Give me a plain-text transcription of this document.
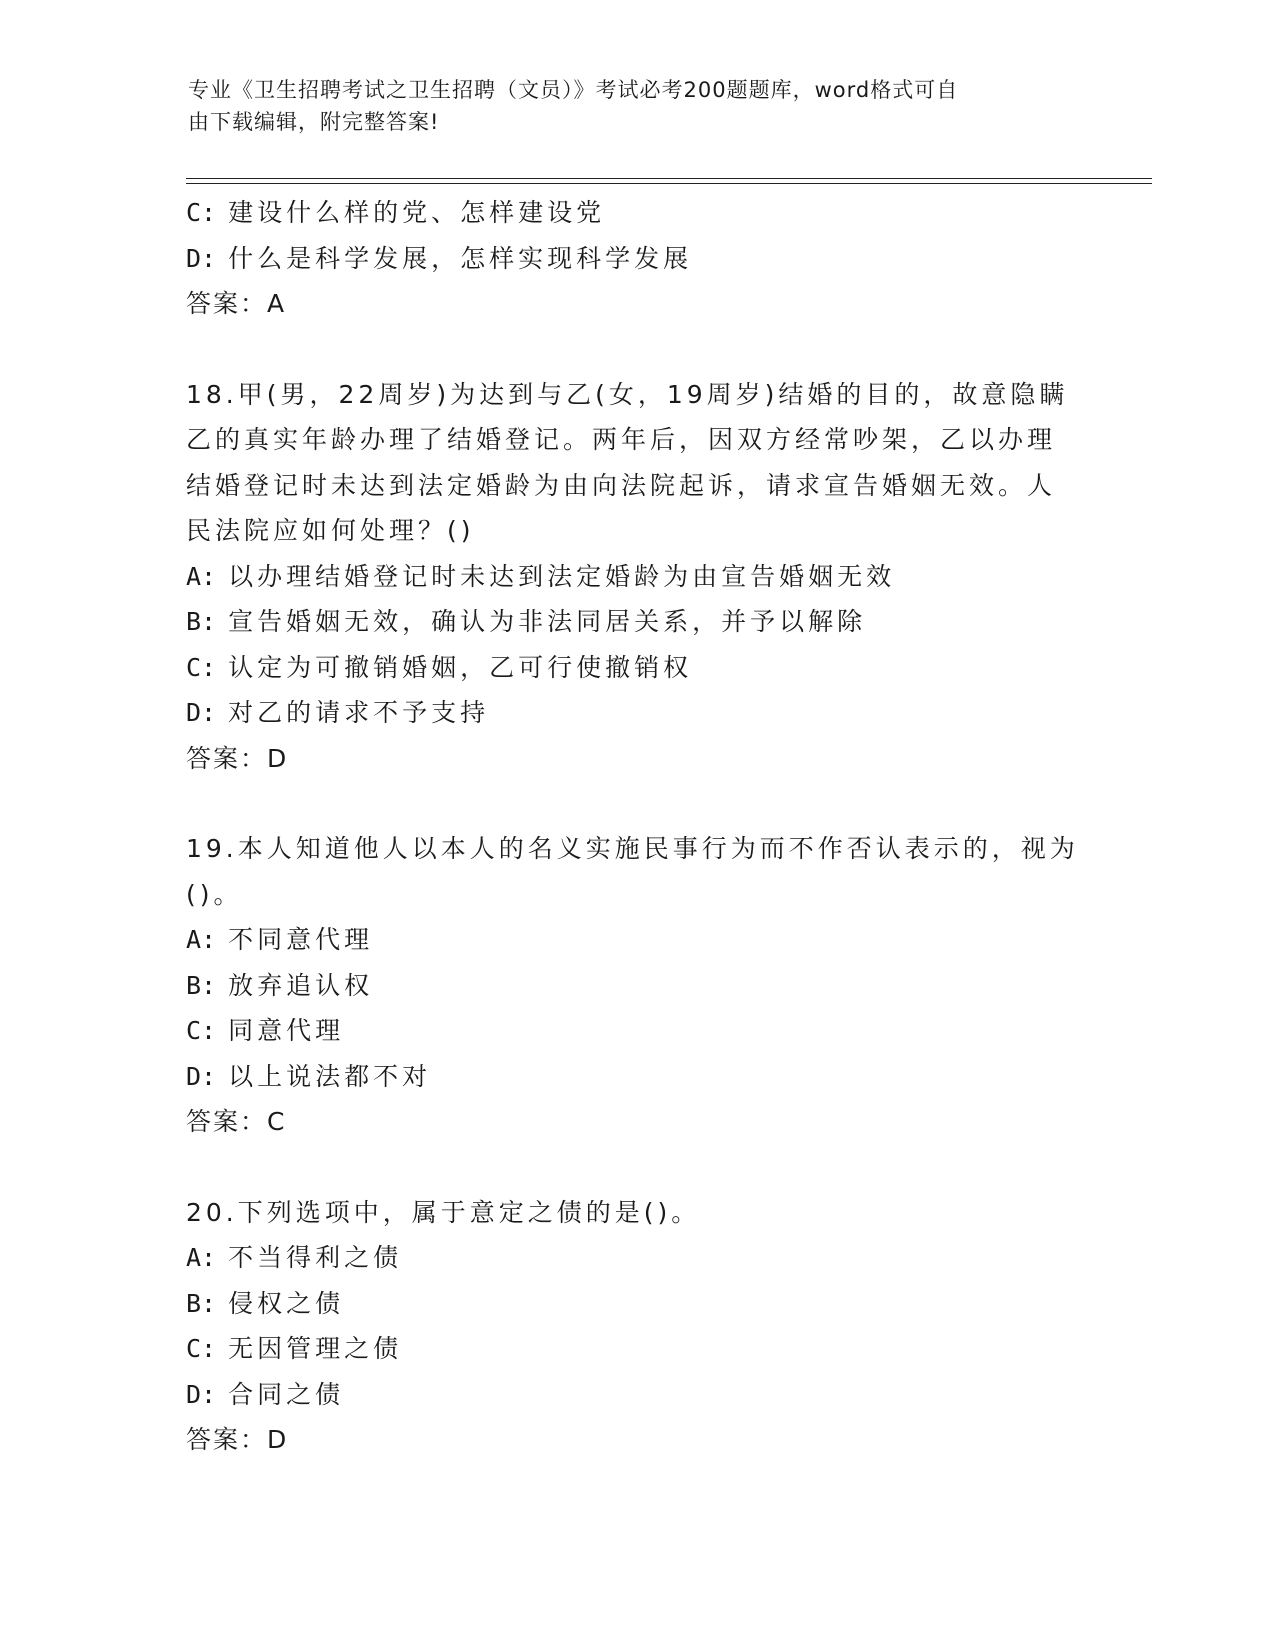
专业《卫生招聘考试之卫生招聘（文员）》考试必考200题题库，word格式可自
由下载编辑，附完整答案!
C: 建设什么样的党、怎样建设党
D: 什么是科学发展，怎样实现科学发展
答案：A
18.甲(男，22周岁)为达到与乙(女，19周岁)结婚的目的，故意隐瞒
乙的真实年龄办理了结婚登记。两年后，因双方经常吵架，乙以办理
结婚登记时未达到法定婚龄为由向法院起诉，请求宣告婚姻无效。人
民法院应如何处理？()
A: 以办理结婚登记时未达到法定婚龄为由宣告婚姻无效
B: 宣告婚姻无效，确认为非法同居关系，并予以解除
C: 认定为可撤销婚姻，乙可行使撤销权
D: 对乙的请求不予支持
答案：D
19.本人知道他人以本人的名义实施民事行为而不作否认表示的，视为
()。
A: 不同意代理
B: 放弃追认权
C: 同意代理
D: 以上说法都不对
答案：C
20.下列选项中，属于意定之债的是()。
A: 不当得利之债
B: 侵权之债
C: 无因管理之债
D: 合同之债
答案：D
